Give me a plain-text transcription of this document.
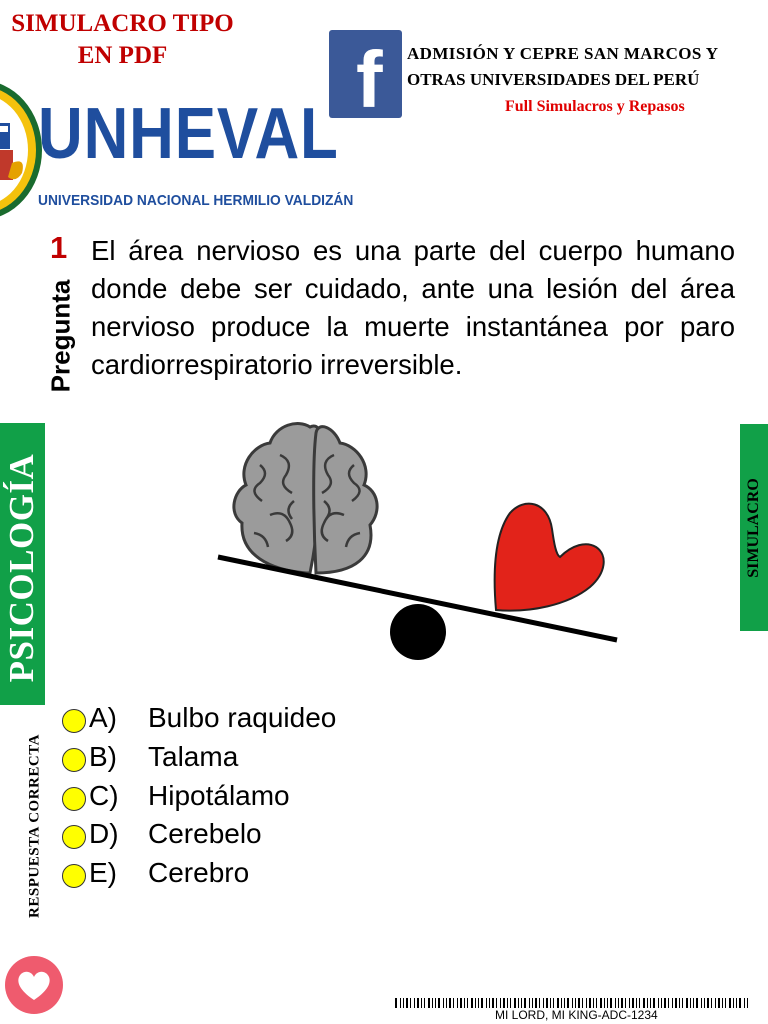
SIMULACRO TIPO
EN PDF	f ADMISIÓN Y CEPRE SAN MARCOS Y
OTRAS UNIVERSIDADES DEL PERÚ
Full Simulacros y Repasos
UNHEVAL
UNIVERSIDAD NACIONAL HERMILIO VALDIZÁN
1
Pregunta
El área nervioso es una parte del cuerpo humano donde debe ser cuidado, ante una lesión del área nervioso produce la muerte instantánea por paro cardiorrespiratorio irreversible.
PSICOLOGÍA	SIMULACRO
RESPUESTA CORRECTA
A) Bulbo raquideo
B) Talama
C) Hipotálamo
D) Cerebelo
E) Cerebro
MI LORD, MI KING-ADC-1234
